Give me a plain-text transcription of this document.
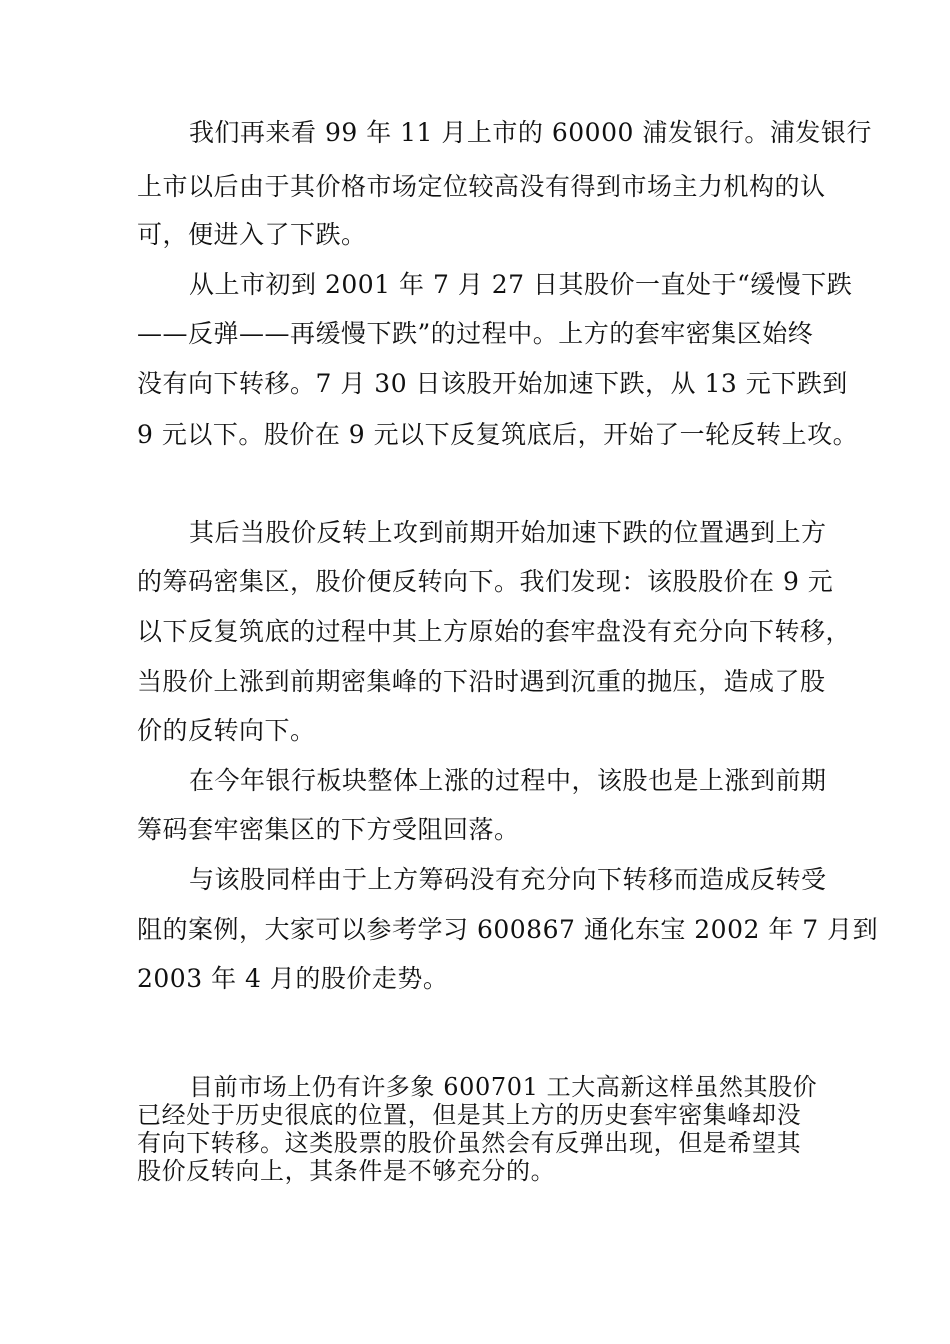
我们再来看 99 年 11 月上市的 60000 浦发银行。浦发银行
上市以后由于其价格市场定位较高没有得到市场主力机构的认
可，便进入了下跌。
从上市初到 2001 年 7 月 27 日其股价一直处于“缓慢下跌
——反弹——再缓慢下跌”的过程中。上方的套牢密集区始终
没有向下转移。7 月 30 日该股开始加速下跌，从 13 元下跌到
9 元以下。股价在 9 元以下反复筑底后，开始了一轮反转上攻。
其后当股价反转上攻到前期开始加速下跌的位置遇到上方
的筹码密集区，股价便反转向下。我们发现：该股股价在 9 元
以下反复筑底的过程中其上方原始的套牢盘没有充分向下转移，
当股价上涨到前期密集峰的下沿时遇到沉重的抛压，造成了股
价的反转向下。
在今年银行板块整体上涨的过程中，该股也是上涨到前期
筹码套牢密集区的下方受阻回落。
与该股同样由于上方筹码没有充分向下转移而造成反转受
阻的案例，大家可以参考学习 600867 通化东宝 2002 年 7 月到
2003 年 4 月的股价走势。
目前市场上仍有许多象 600701 工大高新这样虽然其股价
已经处于历史很底的位置，但是其上方的历史套牢密集峰却没
有向下转移。这类股票的股价虽然会有反弹出现，但是希望其
股价反转向上，其条件是不够充分的。
